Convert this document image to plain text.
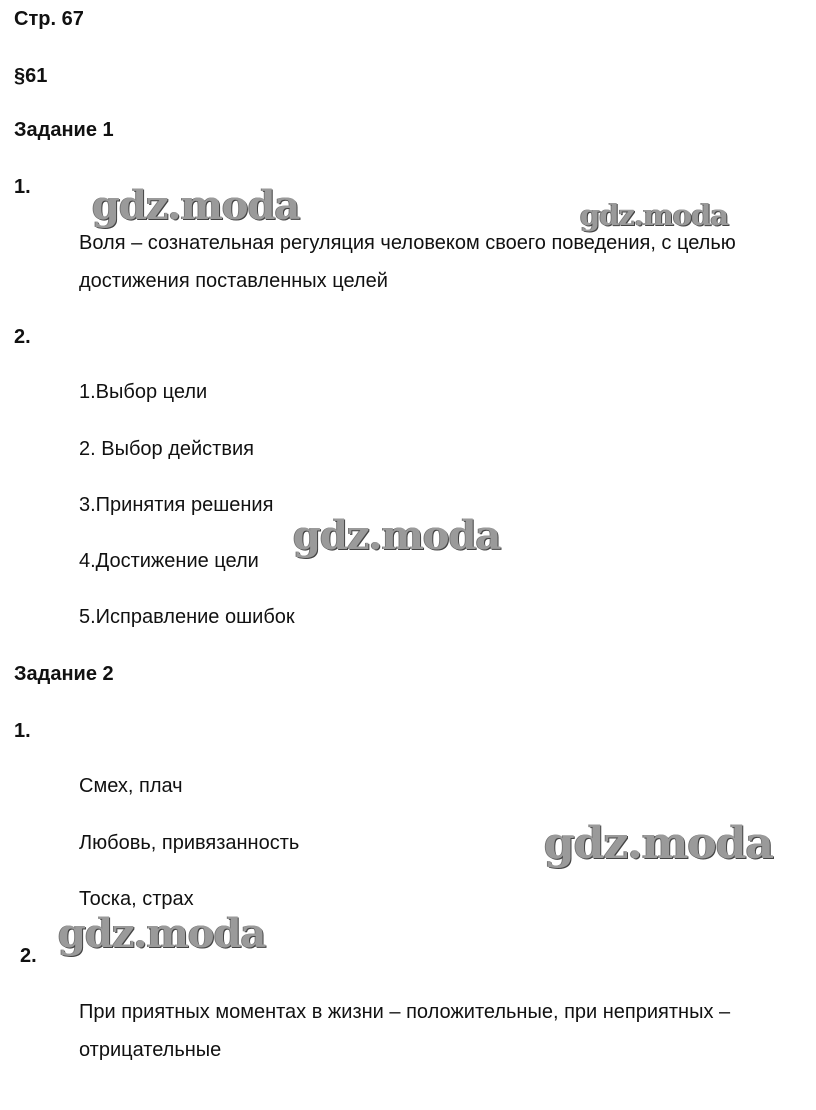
Стр. 67
§61
Задание 1
1.
Воля – сознательная регуляция человеком своего поведения, с целью
достижения поставленных целей
2.
1.Выбор цели
2. Выбор действия
3.Принятия решения
4.Достижение цели
5.Исправление ошибок
Задание 2
1.
Смех, плач
Любовь, привязанность
Тоска, страх
2.
При приятных моментах в жизни – положительные, при неприятных –
отрицательные
gdz.moda	gdz.moda
gdz.moda
gdz.moda
gdz.moda
